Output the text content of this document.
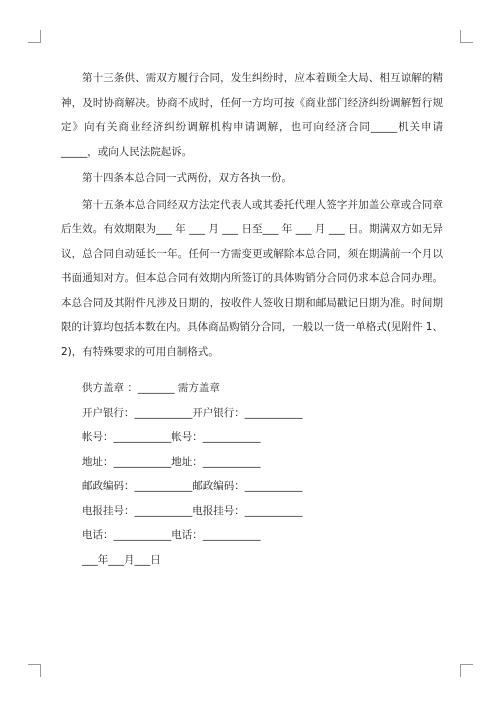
第十三条供、需双方履行合同，发生纠纷时，应本着顾全大局、相互谅解的精神，及时协商解决。协商不成时，任何一方均可按《商业部门经济纠纷调解暂行规定》向有关商业经济纠纷调解机构申请调解，也可向经济合同_____机关申请_____，或向人民法院起诉。

第十四条本总合同一式两份，双方各执一份。

第十五条本总合同经双方法定代表人或其委托代理人签字并加盖公章或合同章后生效。有效期限为___ 年 ___ 月 ___ 日至___ 年 ___ 月 ___ 日。期满双方如无异议，总合同自动延长一年。任何一方需变更或解除本总合同，须在期满前一个月以书面通知对方。但本总合同有效期内所签订的具体购销分合同仍求本总合同办理。本总合同及其附件凡涉及日期的，按收件人签收日期和邮局戳记日期为准。时间期限的计算均包括本数在内。具体商品购销分合同，一般以一货一单格式(见附件 1、2)，有特殊要求的可用自制格式。

供方盖章 ：_______ 需方盖章

开户银行：___________开户银行：___________

帐号：___________帐号：___________

地址：___________地址：___________

邮政编码：___________邮政编码：___________

电报挂号：___________电报挂号：___________

电话：___________电话：___________

___年___月___日
